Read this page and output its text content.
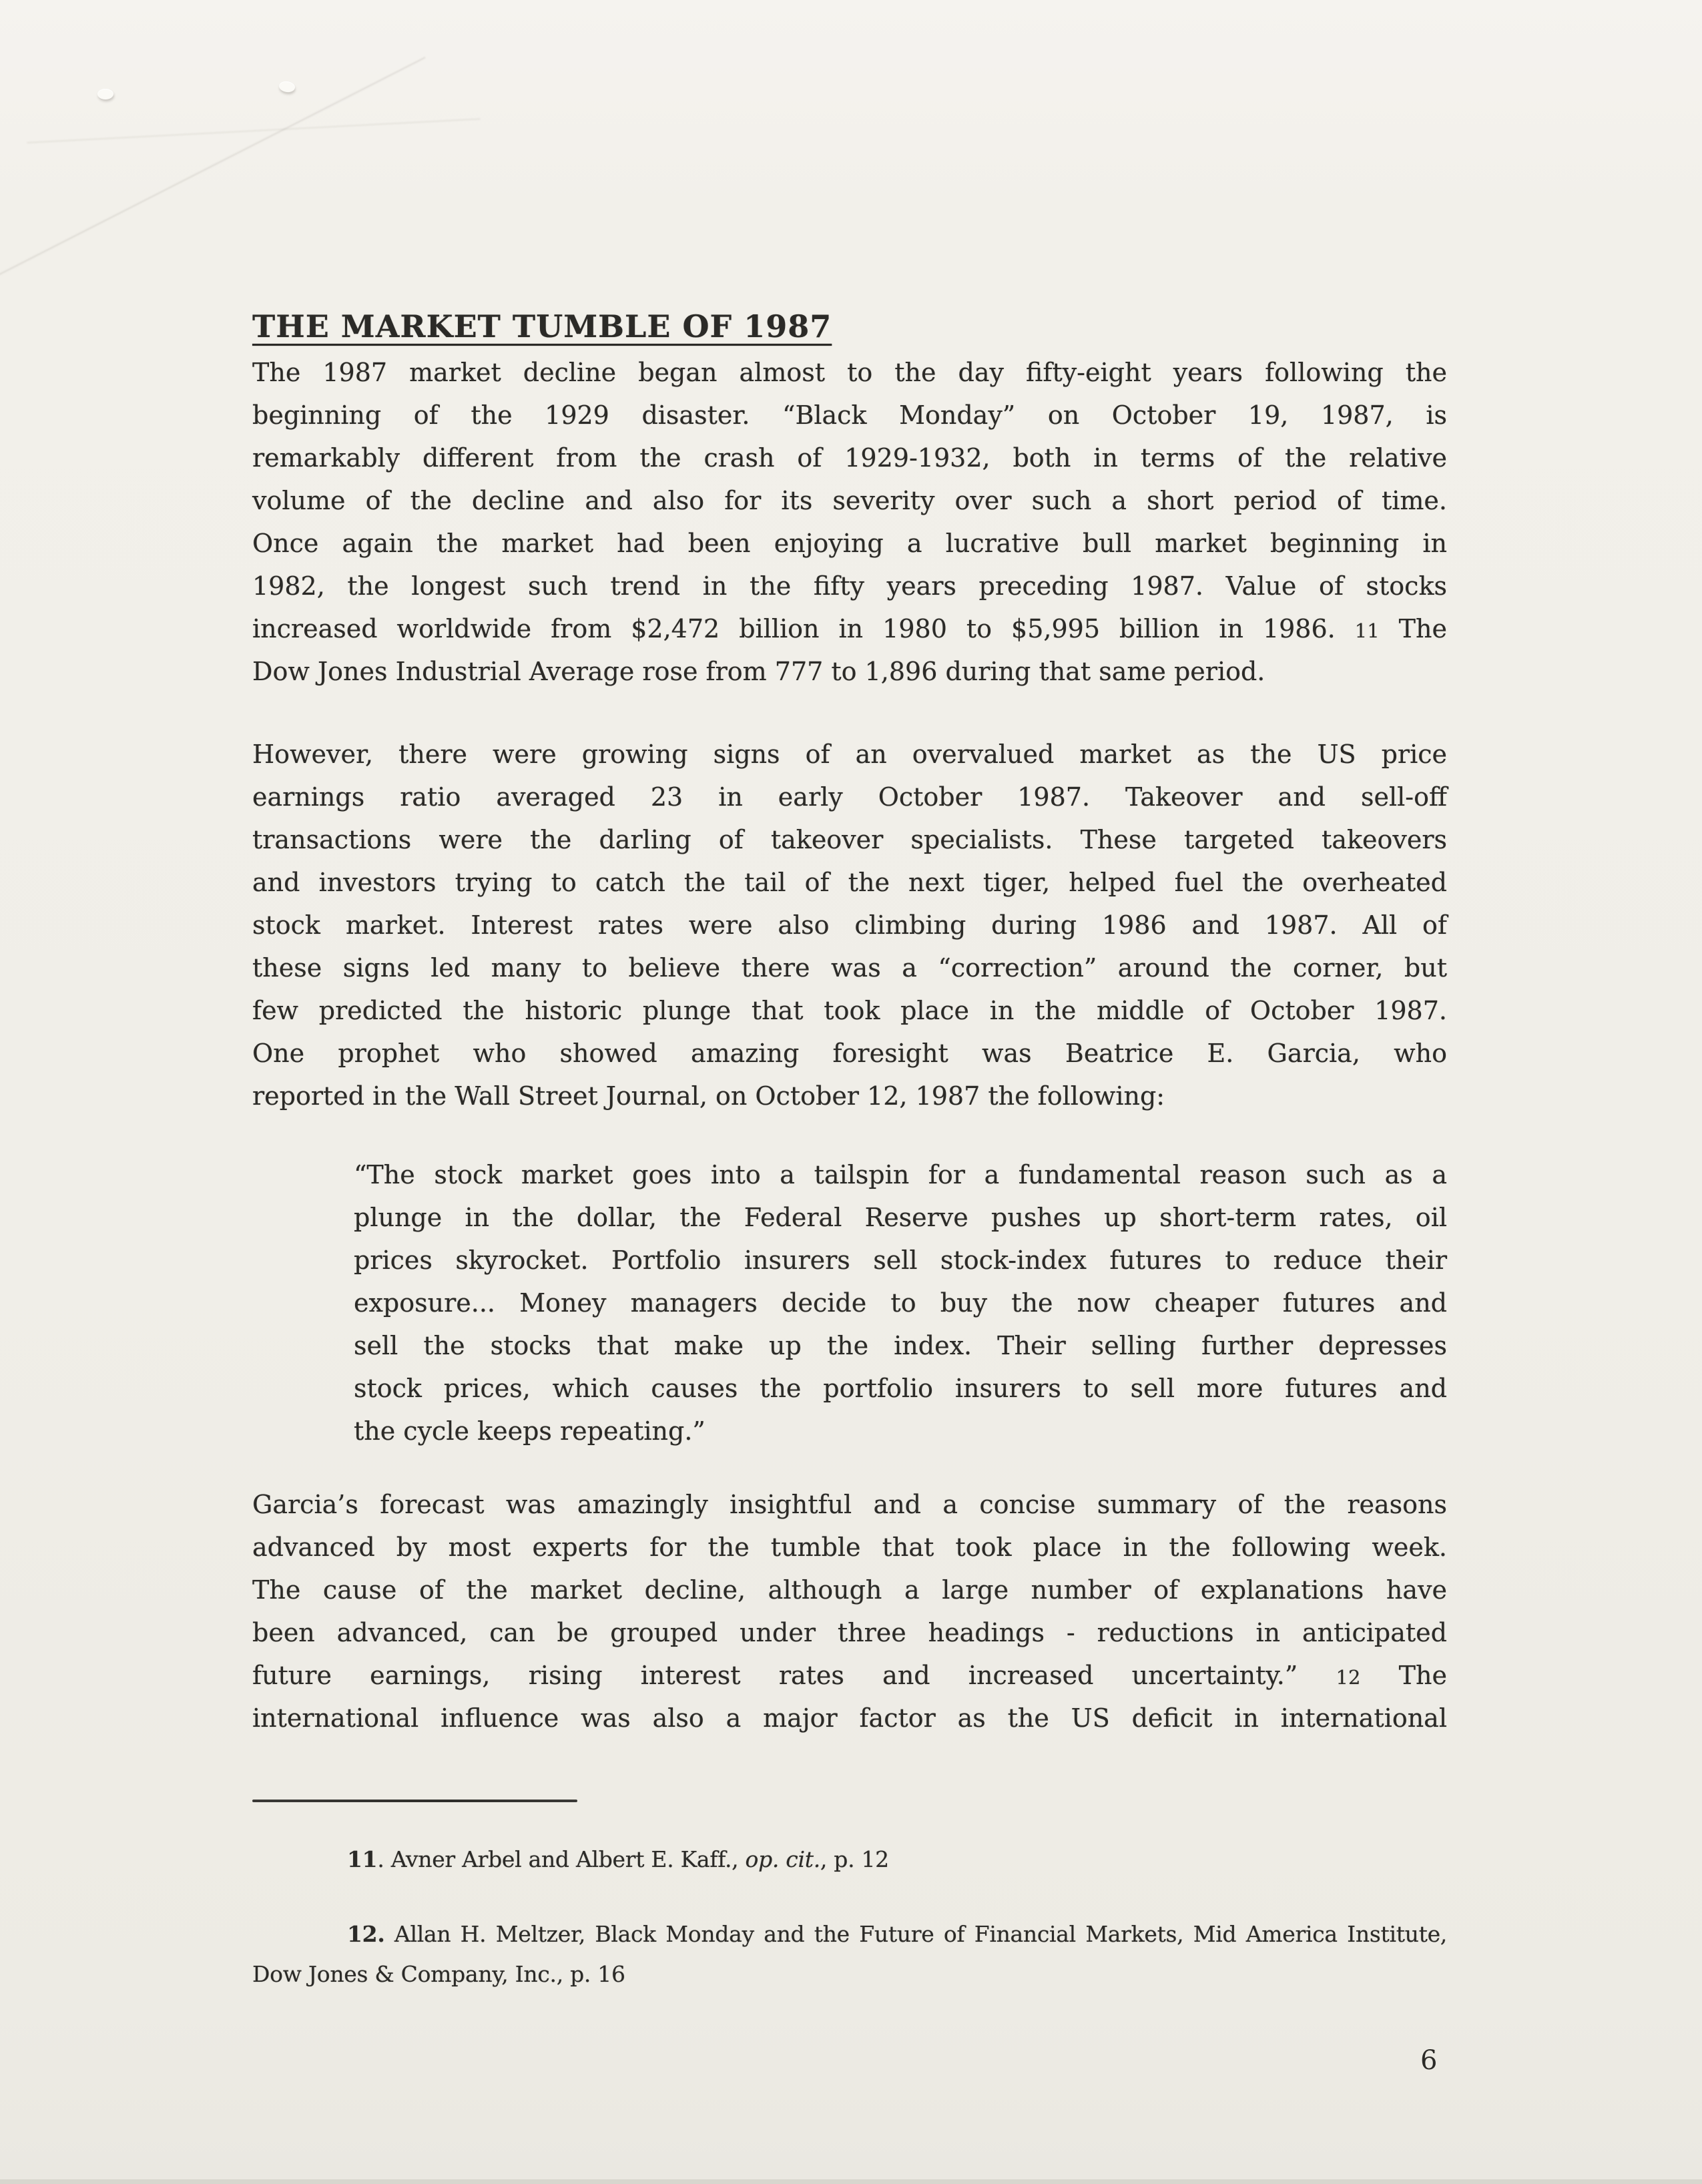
THE MARKET TUMBLE OF 1987
The 1987 market decline began almost to the day fifty-eight years following the
beginning of the 1929 disaster. “Black Monday” on October 19, 1987, is
remarkably different from the crash of 1929-1932, both in terms of the relative
volume of the decline and also for its severity over such a short period of time.
Once again the market had been enjoying a lucrative bull market beginning in
1982, the longest such trend in the fifty years preceding 1987. Value of stocks
increased worldwide from $2,472 billion in 1980 to $5,995 billion in 1986. 11 The
Dow Jones Industrial Average rose from 777 to 1,896 during that same period.
However, there were growing signs of an overvalued market as the US price
earnings ratio averaged 23 in early October 1987. Takeover and sell-off
transactions were the darling of takeover specialists. These targeted takeovers
and investors trying to catch the tail of the next tiger, helped fuel the overheated
stock market. Interest rates were also climbing during 1986 and 1987. All of
these signs led many to believe there was a “correction” around the corner, but
few predicted the historic plunge that took place in the middle of October 1987.
One prophet who showed amazing foresight was Beatrice E. Garcia, who
reported in the Wall Street Journal, on October 12, 1987 the following:
“The stock market goes into a tailspin for a fundamental reason such as a
plunge in the dollar, the Federal Reserve pushes up short-term rates, oil
prices skyrocket. Portfolio insurers sell stock-index futures to reduce their
exposure... Money managers decide to buy the now cheaper futures and
sell the stocks that make up the index. Their selling further depresses
stock prices, which causes the portfolio insurers to sell more futures and
the cycle keeps repeating.”
Garcia’s forecast was amazingly insightful and a concise summary of the reasons
advanced by most experts for the tumble that took place in the following week.
The cause of the market decline, although a large number of explanations have
been advanced, can be grouped under three headings - reductions in anticipated
future earnings, rising interest rates and increased uncertainty.” 12 The
international influence was also a major factor as the US deficit in international
11. Avner Arbel and Albert E. Kaff., op. cit., p. 12
12. Allan H. Meltzer, Black Monday and the Future of Financial Markets, Mid America Institute,
Dow Jones & Company, Inc., p. 16
6
